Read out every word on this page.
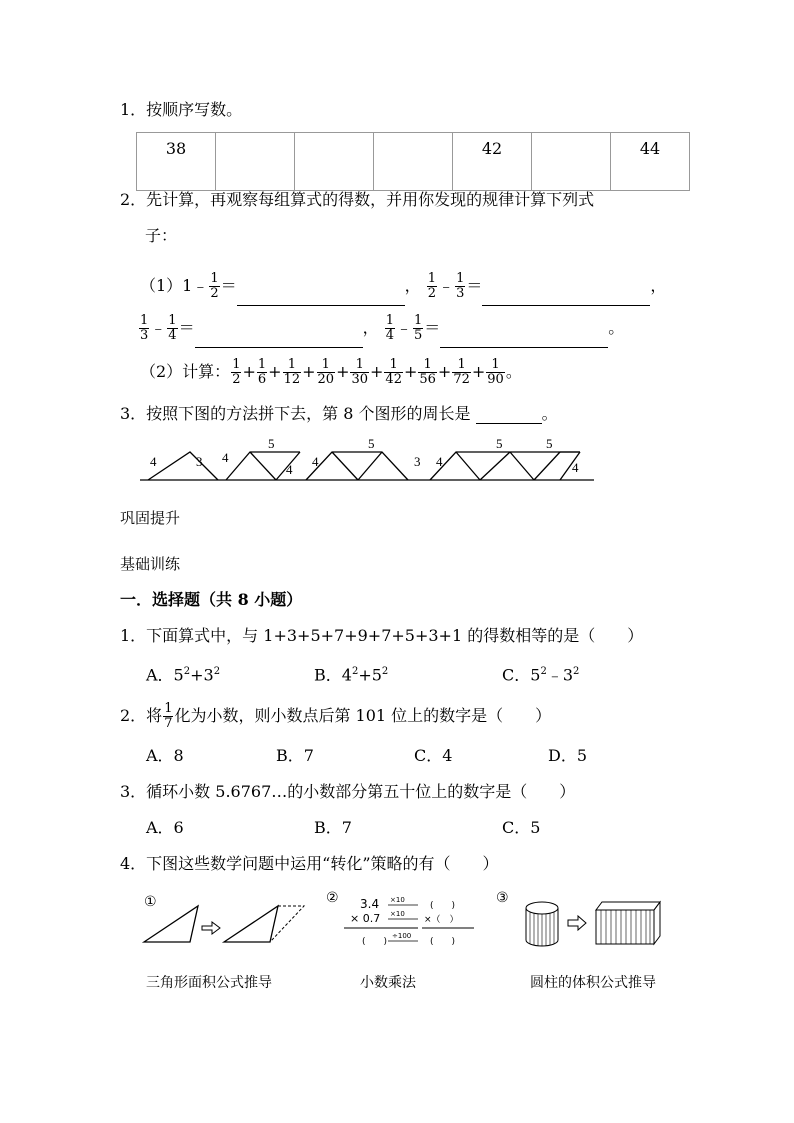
1．按顺序写数。
38				42		44
2．先计算，再观察每组算式的得数，并用你发现的规律计算下列式
子：
（1）1﹣ $\frac{1}{2}$ ＝	， $\frac{1}{2}$ ﹣ $\frac{1}{3}$ ＝	，
$\frac{1}{3}$ ﹣ $\frac{1}{4}$ ＝	， $\frac{1}{4}$ ﹣ $\frac{1}{5}$ ＝	。
（2）计算： $\frac{1}{2} + \frac{1}{6} + \frac{1}{12} + \frac{1}{20} + \frac{1}{30} + \frac{1}{42} + \frac{1}{56} + \frac{1}{72} + \frac{1}{90}$ 。
3．按照下图的方法拼下去，第 8 个图形的周长是	。
4	3 4
5
4
4
5
3 4
5	5
4
巩固提升
基础训练
一．选择题（共 8 小题）
1．下面算式中，与 1+3+5+7+9+7+5+3+1 的得数相等的是（　　）
A．$5^2+3^2$	B．$4^2+5^2$	C．$5^2﹣3^2$
2．将 $\frac{1}{7}$ 化为小数，则小数点后第 101 位上的数字是（　　）
A．8	B．7	C．4	D．5
3．循环小数 5.6767…的小数部分第五十位上的数字是（　　）
A．6	B．7	C．5
4．下图这些数学问题中运用“转化”策略的有（　　）
①	② 3.4
× 0.7
(　　)
×10
×10
÷100
(　　)
×（　）
(　　)
③
三角形面积公式推导	小数乘法	圆柱的体积公式推导
